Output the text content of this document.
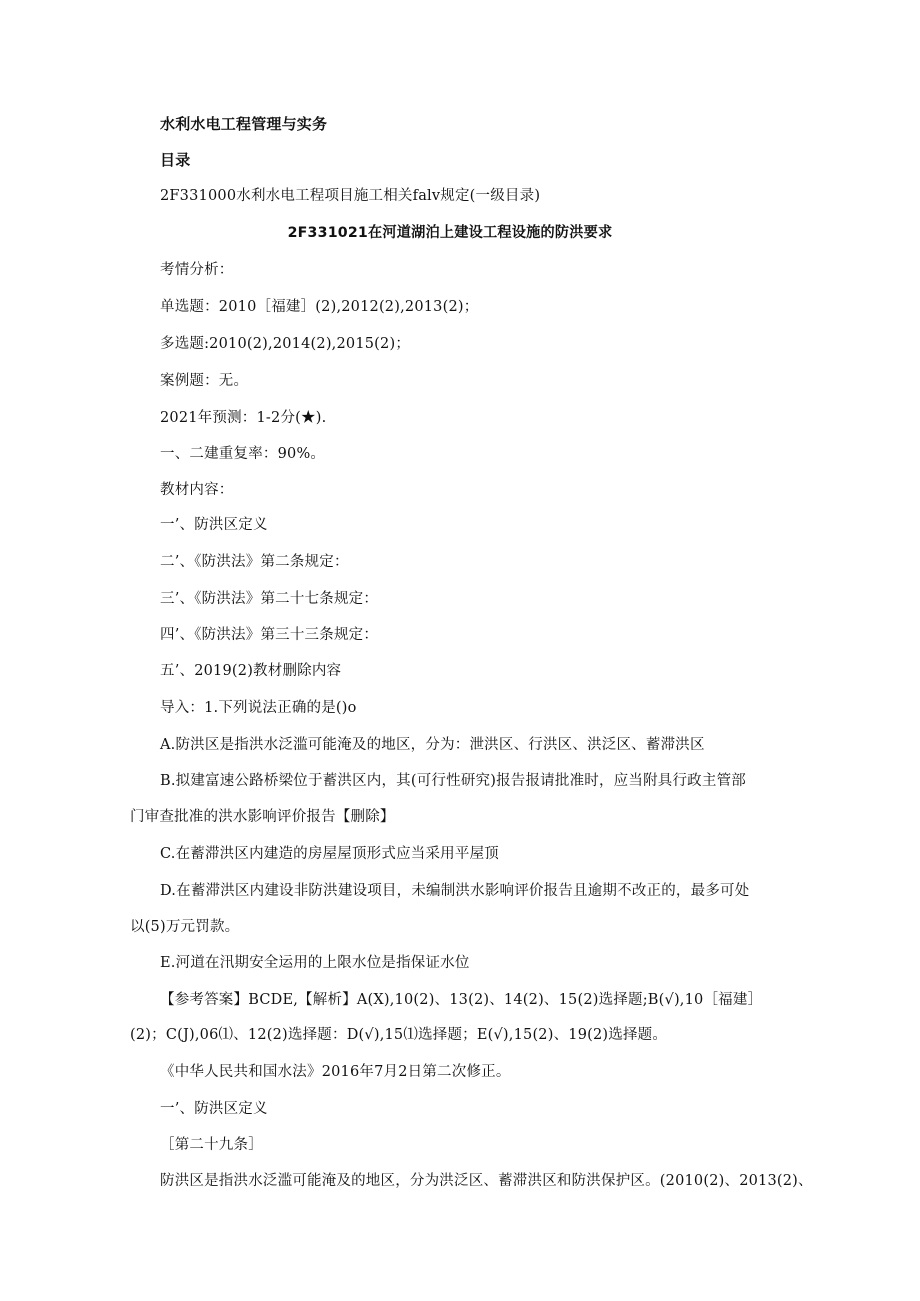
水利水电工程管理与实务
目录
2F331000水利水电工程项目施工相关falv规定(一级目录)
2F331021在河道湖泊上建设工程设施的防洪要求
考情分析：
单选题：2010［福建］(2),2012(2),2013(2)；
多选题:2010(2),2014(2),2015(2)；
案例题：无。
2021年预测：1-2分(★).
一、二建重复率：90%。
教材内容：
一’、防洪区定义
二’、《防洪法》第二条规定：
三’、《防洪法》第二十七条规定：
四’、《防洪法》第三十三条规定：
五’、2019(2)教材删除内容
导入：1.下列说法正确的是()o
A.防洪区是指洪水泛滥可能淹及的地区，分为：泄洪区、行洪区、洪泛区、蓄滞洪区
B.拟建富速公路桥梁位于蓄洪区内，其(可行性研究)报告报请批准时，应当附具行政主管部
门审查批准的洪水影响评价报告【删除】
C.在蓄滞洪区内建造的房屋屋顶形式应当采用平屋顶
D.在蓄滞洪区内建设非防洪建设项目，未编制洪水影响评价报告且逾期不改正的，最多可处
以(5)万元罚款。
E.河道在汛期安全运用的上限水位是指保证水位
【参考答案】BCDE,【解析】A(X),10(2)、13(2)、14(2)、15(2)选择题;B(√),10［福建］
(2)；C(J),06⑴、12(2)选择题：D(√),15⑴选择题；E(√),15(2)、19(2)选择题。
《中华人民共和国水法》2016年7月2日第二次修正。
一’、防洪区定义
［第二十九条］
防洪区是指洪水泛滥可能淹及的地区，分为洪泛区、蓄滞洪区和防洪保护区。(2010(2)、2013(2)、
